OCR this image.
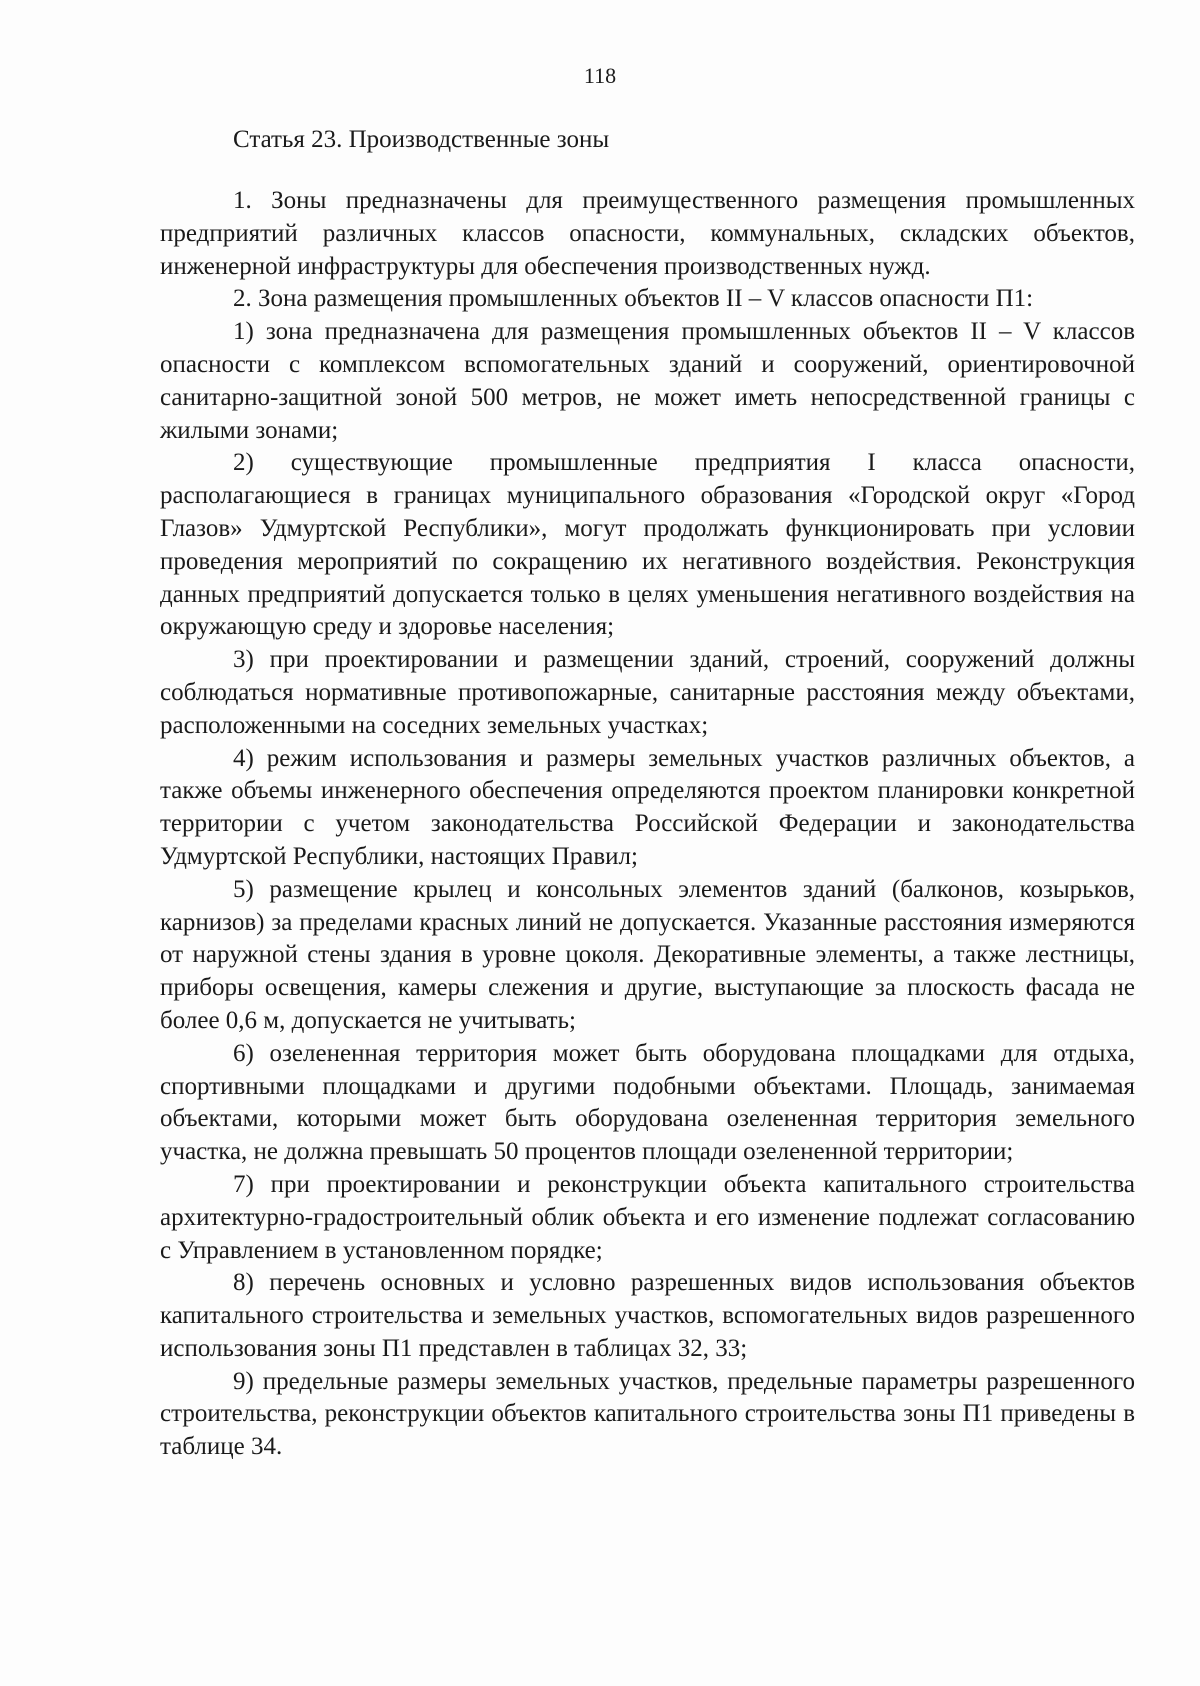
118
Статья 23. Производственные зоны

1. Зоны предназначены для преимущественного размещения промышленных предприятий различных классов опасности, коммунальных, складских объектов, инженерной инфраструктуры для обеспечения производственных нужд.

2. Зона размещения промышленных объектов II – V классов опасности П1:

1) зона предназначена для размещения промышленных объектов II – V классов опасности с комплексом вспомогательных зданий и сооружений, ориентировочной санитарно-защитной зоной 500 метров, не может иметь непосредственной границы с жилыми зонами;

2) существующие промышленные предприятия I класса опасности, располагающиеся в границах муниципального образования «Городской округ «Город Глазов» Удмуртской Республики», могут продолжать функционировать при условии проведения мероприятий по сокращению их негативного воздействия. Реконструкция данных предприятий допускается только в целях уменьшения негативного воздействия на окружающую среду и здоровье населения;

3) при проектировании и размещении зданий, строений, сооружений должны соблюдаться нормативные противопожарные, санитарные расстояния между объектами, расположенными на соседних земельных участках;

4) режим использования и размеры земельных участков различных объектов, а также объемы инженерного обеспечения определяются проектом планировки конкретной территории с учетом законодательства Российской Федерации и законодательства Удмуртской Республики, настоящих Правил;

5) размещение крылец и консольных элементов зданий (балконов, козырьков, карнизов) за пределами красных линий не допускается. Указанные расстояния измеряются от наружной стены здания в уровне цоколя. Декоративные элементы, а также лестницы, приборы освещения, камеры слежения и другие, выступающие за плоскость фасада не более 0,6 м, допускается не учитывать;

6) озелененная территория может быть оборудована площадками для отдыха, спортивными площадками и другими подобными объектами. Площадь, занимаемая объектами, которыми может быть оборудована озелененная территория земельного участка, не должна превышать 50 процентов площади озелененной территории;

7) при проектировании и реконструкции объекта капитального строительства архитектурно-градостроительный облик объекта и его изменение подлежат согласованию с Управлением в установленном порядке;

8) перечень основных и условно разрешенных видов использования объектов капитального строительства и земельных участков, вспомогательных видов разрешенного использования зоны П1 представлен в таблицах 32, 33;

9) предельные размеры земельных участков, предельные параметры разрешенного строительства, реконструкции объектов капитального строительства зоны П1 приведены в таблице 34.
